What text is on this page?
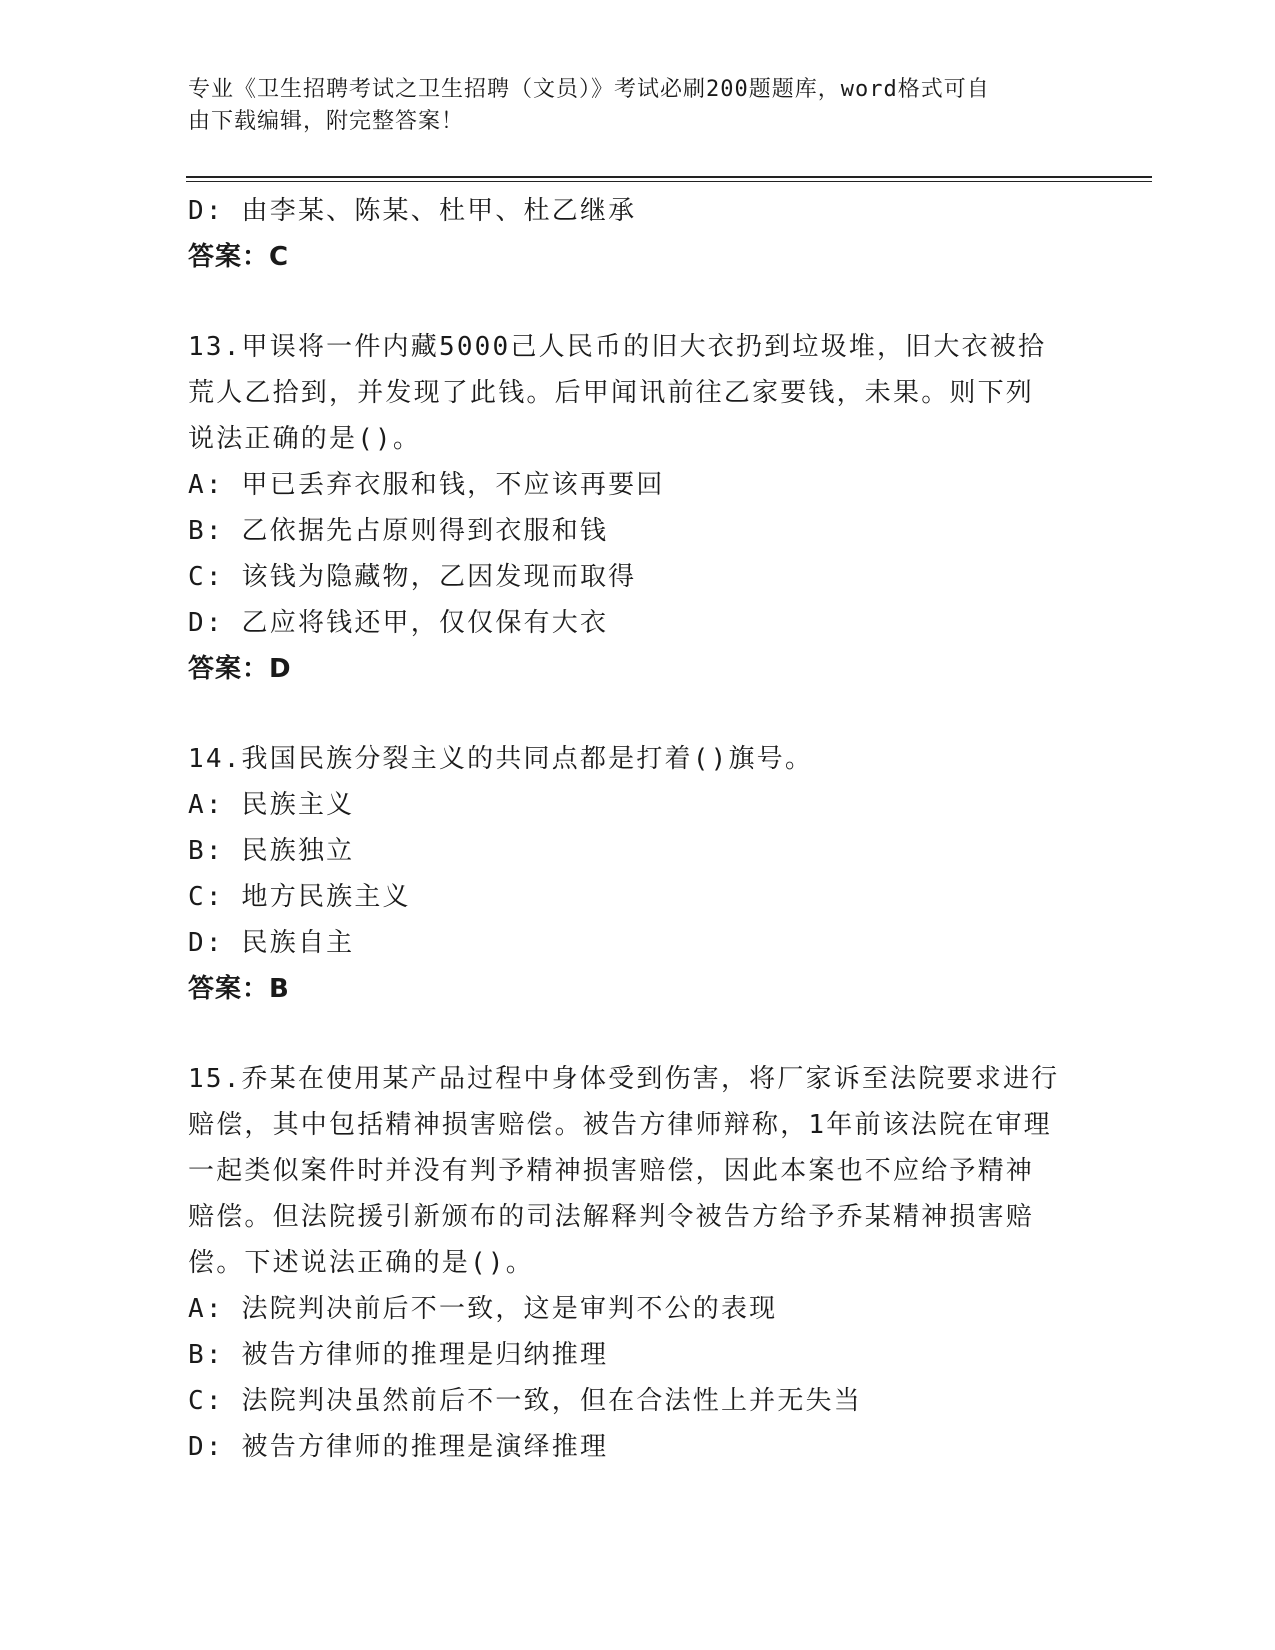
专业《卫生招聘考试之卫生招聘（文员）》考试必刷200题题库，word格式可自
由下载编辑，附完整答案！
D: 由李某、陈某、杜甲、杜乙继承
答案：C
13.甲误将一件内藏5000己人民币的旧大衣扔到垃圾堆，旧大衣被拾
荒人乙拾到，并发现了此钱。后甲闻讯前往乙家要钱，未果。则下列
说法正确的是()。
A: 甲已丢弃衣服和钱，不应该再要回
B: 乙依据先占原则得到衣服和钱
C: 该钱为隐藏物，乙因发现而取得
D: 乙应将钱还甲，仅仅保有大衣
答案：D
14.我国民族分裂主义的共同点都是打着()旗号。
A: 民族主义
B: 民族独立
C: 地方民族主义
D: 民族自主
答案：B
15.乔某在使用某产品过程中身体受到伤害，将厂家诉至法院要求进行
赔偿，其中包括精神损害赔偿。被告方律师辩称，1年前该法院在审理
一起类似案件时并没有判予精神损害赔偿，因此本案也不应给予精神
赔偿。但法院援引新颁布的司法解释判令被告方给予乔某精神损害赔
偿。下述说法正确的是()。
A: 法院判决前后不一致，这是审判不公的表现
B: 被告方律师的推理是归纳推理
C: 法院判决虽然前后不一致，但在合法性上并无失当
D: 被告方律师的推理是演绎推理
